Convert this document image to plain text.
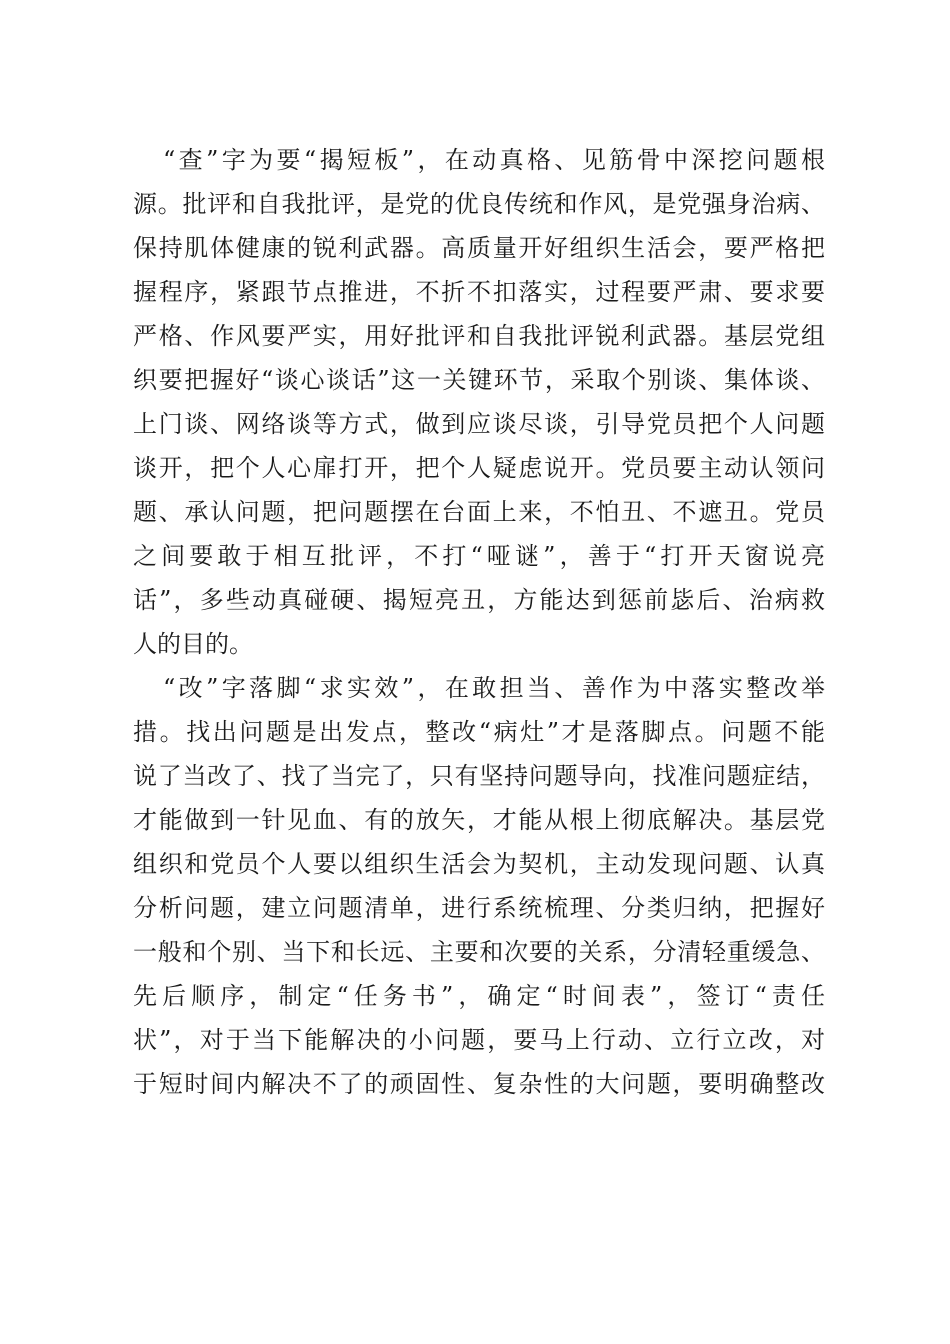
“查”字为要“揭短板”，在动真格、见筋骨中深挖问题根
源。批评和自我批评，是党的优良传统和作风，是党强身治病、
保持肌体健康的锐利武器。高质量开好组织生活会，要严格把
握程序，紧跟节点推进，不折不扣落实，过程要严肃、要求要
严格、作风要严实，用好批评和自我批评锐利武器。基层党组
织要把握好“谈心谈话”这一关键环节，采取个别谈、集体谈、
上门谈、网络谈等方式，做到应谈尽谈，引导党员把个人问题
谈开，把个人心扉打开，把个人疑虑说开。党员要主动认领问
题、承认问题，把问题摆在台面上来，不怕丑、不遮丑。党员
之间要敢于相互批评，不打“哑谜”，善于“打开天窗说亮
话”，多些动真碰硬、揭短亮丑，方能达到惩前毖后、治病救
人的目的。
“改”字落脚“求实效”，在敢担当、善作为中落实整改举
措。找出问题是出发点，整改“病灶”才是落脚点。问题不能
说了当改了、找了当完了，只有坚持问题导向，找准问题症结，
才能做到一针见血、有的放矢，才能从根上彻底解决。基层党
组织和党员个人要以组织生活会为契机，主动发现问题、认真
分析问题，建立问题清单，进行系统梳理、分类归纳，把握好
一般和个别、当下和长远、主要和次要的关系，分清轻重缓急、
先后顺序，制定“任务书”，确定“时间表”，签订“责任
状”，对于当下能解决的小问题，要马上行动、立行立改，对
于短时间内解决不了的顽固性、复杂性的大问题，要明确整改
